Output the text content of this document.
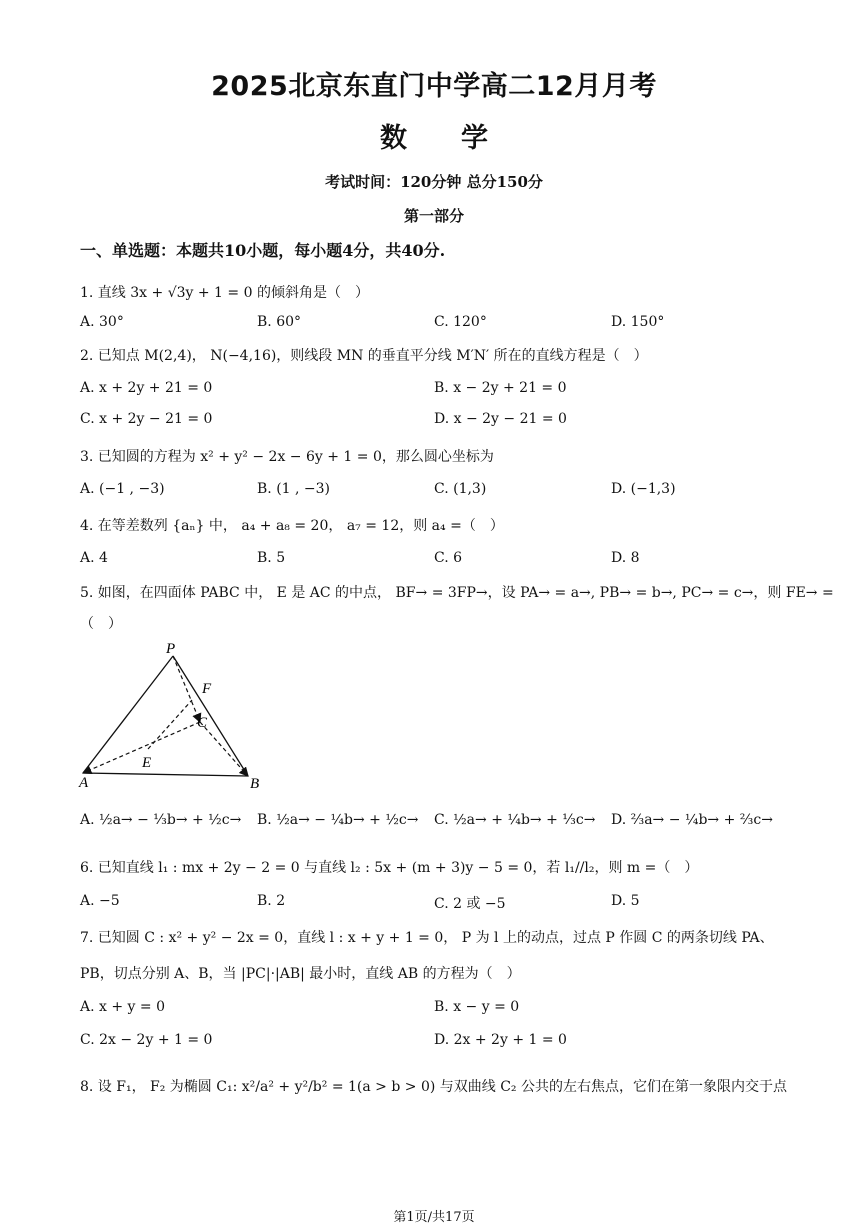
2025北京东直门中学高二12月月考
数　　学
考试时间：120分钟 总分150分
第一部分
一、单选题：本题共10小题，每小题4分，共40分.
1. 直线 3x + √3y + 1 = 0 的倾斜角是（　）
A. 30°	B. 60°	C. 120°	D. 150°
2. 已知点 M(2,4)， N(−4,16)，则线段 MN 的垂直平分线 M′N′ 所在的直线方程是（　）
A. x + 2y + 21 = 0	B. x − 2y + 21 = 0
C. x + 2y − 21 = 0	D. x − 2y − 21 = 0
3. 已知圆的方程为 x² + y² − 2x − 6y + 1 = 0，那么圆心坐标为
A. (−1 , −3)	B. (1 , −3)	C. (1,3)	D. (−1,3)
4. 在等差数列 {aₙ} 中， a₄ + a₈ = 20， a₇ = 12，则 a₄ =（　）
A. 4	B. 5	C. 6	D. 8
5. 如图，在四面体 PABC 中， E 是 AC 的中点， BF→ = 3FP→，设 PA→ = a→, PB→ = b→, PC→ = c→，则 FE→ =
（　）
P
F
C
E
A	B
A. ½a→ − ⅓b→ + ½c→ B. ½a→ − ¼b→ + ½c→ C. ½a→ + ¼b→ + ⅓c→ D. ⅔a→ − ¼b→ + ⅔c→
6. 已知直线 l₁ : mx + 2y − 2 = 0 与直线 l₂ : 5x + (m + 3)y − 5 = 0，若 l₁//l₂，则 m =（　）
A. −5	B. 2	C. 2 或 −5	D. 5
7. 已知圆 C : x² + y² − 2x = 0，直线 l : x + y + 1 = 0， P 为 l 上的动点，过点 P 作圆 C 的两条切线 PA、
PB，切点分别 A、B，当 |PC|·|AB| 最小时，直线 AB 的方程为（　）
A. x + y = 0	B. x − y = 0
C. 2x − 2y + 1 = 0	D. 2x + 2y + 1 = 0
8. 设 F₁， F₂ 为椭圆 C₁: x²/a² + y²/b² = 1(a > b > 0) 与双曲线 C₂ 公共的左右焦点，它们在第一象限内交于点
第1页/共17页
